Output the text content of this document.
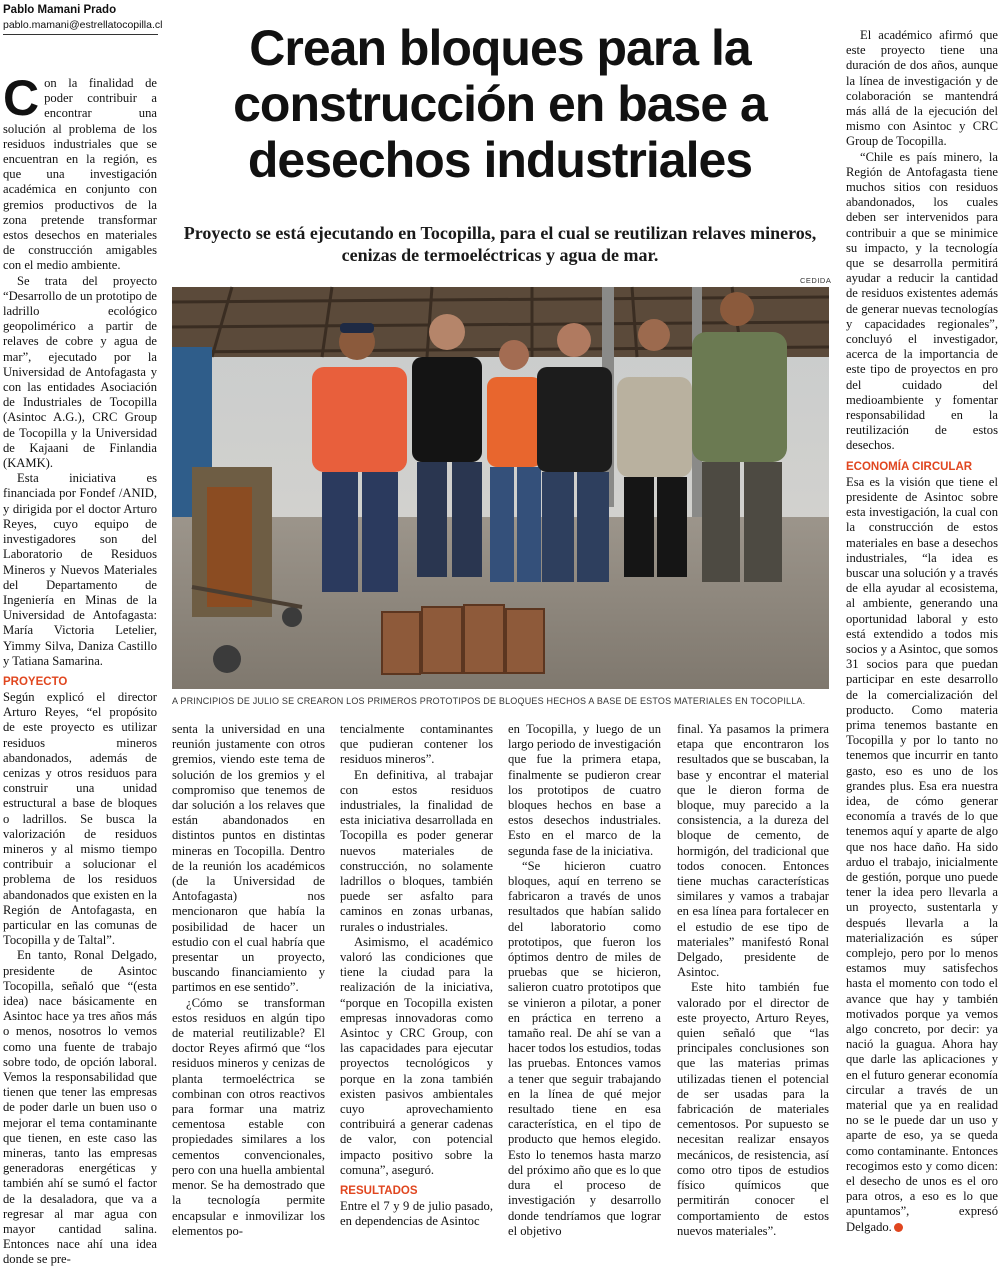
Pablo Mamani Prado
pablo.mamani@estrellatocopilla.cl	Crean bloques para la construcción en base a desechos industriales
Proyecto se está ejecutando en Tocopilla, para el cual se reutilizan relaves mineros, cenizas de termoeléctricas y agua de mar.
CEDIDA
A PRINCIPIOS DE JULIO SE CREARON LOS PRIMEROS PROTOTIPOS DE BLOQUES HECHOS A BASE DE ESTOS MATERIALES EN TOCOPILLA.

Con la finalidad de poder contribuir a encontrar una solución al problema de los residuos industriales que se encuentran en la región, es que una investigación académica en conjunto con gremios productivos de la zona pretende transformar estos desechos en materiales de construcción amigables con el medio ambiente.

Se trata del proyecto “Desarrollo de un prototipo de ladrillo ecológico geopolimérico a partir de relaves de cobre y agua de mar”, ejecutado por la Universidad de Antofagasta y con las entidades Asociación de Industriales de Tocopilla (Asintoc A.G.), CRC Group de Tocopilla y la Universidad de Kajaani de Finlandia (KAMK).

Esta iniciativa es financiada por Fondef /ANID, y dirigida por el doctor Arturo Reyes, cuyo equipo de investigadores son del Laboratorio de Residuos Mineros y Nuevos Materiales del Departamento de Ingeniería en Minas de la Universidad de Antofagasta: María Victoria Letelier, Yimmy Silva, Daniza Castillo y Tatiana Samarina.

PROYECTO

Según explicó el director Arturo Reyes, “el propósito de este proyecto es utilizar residuos mineros abandonados, además de cenizas y otros residuos para construir una unidad estructural a base de bloques o ladrillos. Se busca la valorización de residuos mineros y al mismo tiempo contribuir a solucionar el problema de los residuos abandonados que existen en la Región de Antofagasta, en particular en las comunas de Tocopilla y de Taltal”.

En tanto, Ronal Delgado, presidente de Asintoc Tocopilla, señaló que “(esta idea) nace básicamente en Asintoc hace ya tres años más o menos, nosotros lo vemos como una fuente de trabajo sobre todo, de opción laboral. Vemos la responsabilidad que tienen que tener las empresas de poder darle un buen uso o mejorar el tema contaminante que tienen, en este caso las mineras, tanto las empresas generadoras energéticas y también ahí se sumó el factor de la desaladora, que va a regresar al mar agua con mayor cantidad salina. Entonces nace ahí una idea donde se pre-

senta la universidad en una reunión justamente con otros gremios, viendo este tema de solución de los gremios y el compromiso que tenemos de dar solución a los relaves que están abandonados en distintos puntos en distintas mineras en Tocopilla. Dentro de la reunión los académicos (de la Universidad de Antofagasta) nos mencionaron que había la posibilidad de hacer un estudio con el cual habría que presentar un proyecto, buscando financiamiento y partimos en ese sentido”.

¿Cómo se transforman estos residuos en algún tipo de material reutilizable? El doctor Reyes afirmó que “los residuos mineros y cenizas de planta termoeléctrica se combinan con otros reactivos para formar una matriz cementosa estable con propiedades similares a los cementos convencionales, pero con una huella ambiental menor. Se ha demostrado que la tecnología permite encapsular e inmovilizar los elementos po-

tencialmente contaminantes que pudieran contener los residuos mineros”.

En definitiva, al trabajar con estos residuos industriales, la finalidad de esta iniciativa desarrollada en Tocopilla es poder generar nuevos materiales de construcción, no solamente ladrillos o bloques, también puede ser asfalto para caminos en zonas urbanas, rurales o industriales.

Asimismo, el académico valoró las condiciones que tiene la ciudad para la realización de la iniciativa, “porque en Tocopilla existen empresas innovadoras como Asintoc y CRC Group, con las capacidades para ejecutar proyectos tecnológicos y porque en la zona también existen pasivos ambientales cuyo aprovechamiento contribuirá a generar cadenas de valor, con potencial impacto positivo sobre la comuna”, aseguró.

RESULTADOS

Entre el 7 y 9 de julio pasado, en dependencias de Asintoc

en Tocopilla, y luego de un largo periodo de investigación que fue la primera etapa, finalmente se pudieron crear los prototipos de cuatro bloques hechos en base a estos desechos industriales. Esto en el marco de la segunda fase de la iniciativa.

“Se hicieron cuatro bloques, aquí en terreno se fabricaron a través de unos resultados que habían salido del laboratorio como prototipos, que fueron los óptimos dentro de miles de pruebas que se hicieron, salieron cuatro prototipos que se vinieron a pilotar, a poner en práctica en terreno a tamaño real. De ahí se van a hacer todos los estudios, todas las pruebas. Entonces vamos a tener que seguir trabajando en la línea de qué mejor resultado tiene en esa característica, en el tipo de producto que hemos elegido. Esto lo tenemos hasta marzo del próximo año que es lo que dura el proceso de investigación y desarrollo donde tendríamos que lograr el objetivo

final. Ya pasamos la primera etapa que encontraron los resultados que se buscaban, la base y encontrar el material que le dieron forma de bloque, muy parecido a la consistencia, a la dureza del bloque de cemento, de hormigón, del tradicional que todos conocen. Entonces tiene muchas características similares y vamos a trabajar en esa línea para fortalecer en el estudio de ese tipo de materiales” manifestó Ronal Delgado, presidente de Asintoc.

Este hito también fue valorado por el director de este proyecto, Arturo Reyes, quien señaló que “las principales conclusiones son que las materias primas utilizadas tienen el potencial de ser usadas para la fabricación de materiales cementosos. Por supuesto se necesitan realizar ensayos mecánicos, de resistencia, así como otro tipos de estudios físico químicos que permitirán conocer el comportamiento de estos nuevos materiales”.

El académico afirmó que este proyecto tiene una duración de dos años, aunque la línea de investigación y de colaboración se mantendrá más allá de la ejecución del mismo con Asintoc y CRC Group de Tocopilla.

“Chile es país minero, la Región de Antofagasta tiene muchos sitios con residuos abandonados, los cuales deben ser intervenidos para contribuir a que se minimice su impacto, y la tecnología que se desarrolla permitirá ayudar a reducir la cantidad de residuos existentes además de generar nuevas tecnologías y capacidades regionales”, concluyó el investigador, acerca de la importancia de este tipo de proyectos en pro del cuidado del medioambiente y fomentar responsabilidad en la reutilización de estos desechos.

ECONOMÍA CIRCULAR

Esa es la visión que tiene el presidente de Asintoc sobre esta investigación, la cual con la construcción de estos materiales en base a desechos industriales, “la idea es buscar una solución y a través de ella ayudar al ecosistema, al ambiente, generando una oportunidad laboral y esto está extendido a todos mis socios y a Asintoc, que somos 31 socios para que puedan participar en este desarrollo de la comercialización del producto. Como materia prima tenemos bastante en Tocopilla y por lo tanto no tenemos que incurrir en tanto gasto, eso es uno de los grandes plus. Esa era nuestra idea, de cómo generar economía a través de lo que tenemos aquí y aparte de algo que nos hace daño. Ha sido arduo el trabajo, inicialmente de gestión, porque uno puede tener la idea pero llevarla a un proyecto, sustentarla y después llevarla a la materialización es súper complejo, pero por lo menos estamos muy satisfechos hasta el momento con todo el avance que hay y también motivados porque ya vemos algo concreto, por decir: ya nació la guagua. Ahora hay que darle las aplicaciones y en el futuro generar economía circular a través de un material que ya en realidad no se le puede dar un uso y aparte de eso, ya se queda como contaminante. Entonces recogimos esto y como dicen: el desecho de unos es el oro para otros, a eso es lo que apuntamos”, expresó Delgado.
